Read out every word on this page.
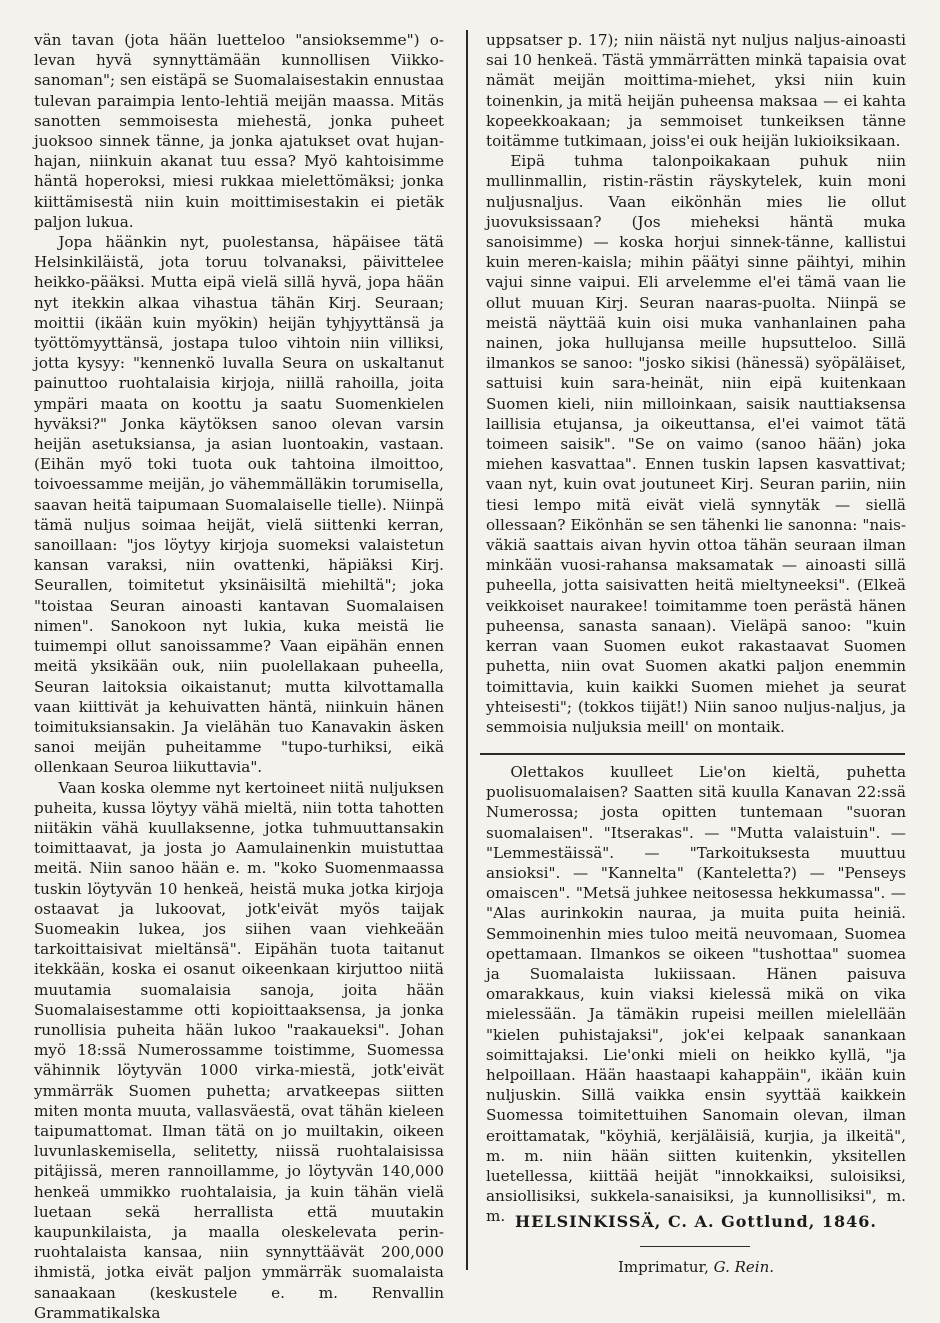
vän tavan (jota hään luetteloo "ansioksemme") o-levan hyvä synnyttämään kunnollisen Viikko-sanoman"; sen eistäpä se Suomalaisestakin ennustaa tulevan paraimpia lento-lehtiä meijän maassa. Mitäs sanotten semmoisesta miehestä, jonka puheet juoksoo sinnek tänne, ja jonka ajatukset ovat hujan-hajan, niinkuin akanat tuu essa? Myö kahtoisimme häntä hoperoksi, miesi rukkaa mielettömäksi; jonka kiittämisestä niin kuin moittimisestakin ei pietäk paljon lukua.

Jopa häänkin nyt, puolestansa, häpäisee tätä Helsinkiläistä, jota toruu tolvanaksi, päivittelee heikko-pääksi. Mutta eipä vielä sillä hyvä, jopa hään nyt itekkin alkaa vihastua tähän Kirj. Seuraan; moittii (ikään kuin myökin) heijän tyhjyyttänsä ja työttömyyttänsä, jostapa tuloo vihtoin niin villiksi, jotta kysyy: "kennenkö luvalla Seura on uskaltanut painuttoo ruohtalaisia kirjoja, niillä rahoilla, joita ympäri maata on koottu ja saatu Suomenkielen hyväksi?" Jonka käytöksen sanoo olevan varsin heijän asetuksiansa, ja asian luontoakin, vastaan. (Eihän myö toki tuota ouk tahtoina ilmoittoo, toivoessamme meijän, jo vähemmälläkin torumisella, saavan heitä taipumaan Suomalaiselle tielle). Niinpä tämä nuljus soimaa heijät, vielä siittenki kerran, sanoillaan: "jos löytyy kirjoja suomeksi valaistetun kansan varaksi, niin ovattenki, häpiäksi Kirj. Seurallen, toimitetut yksinäisiltä miehiltä"; joka "toistaa Seuran ainoasti kantavan Suomalaisen nimen". Sanokoon nyt lukia, kuka meistä lie tuimempi ollut sanoissamme? Vaan eipähän ennen meitä yksikään ouk, niin puolellakaan puheella, Seuran laitoksia oikaistanut; mutta kilvottamalla vaan kiittivät ja kehuivatten häntä, niinkuin hänen toimituksiansakin. Ja vielähän tuo Kanavakin äsken sanoi meijän puheitamme "tupo-turhiksi, eikä ollenkaan Seuroa liikuttavia".

Vaan koska olemme nyt kertoineet niitä nuljuksen puheita, kussa löytyy vähä mieltä, niin totta tahotten niitäkin vähä kuullaksenne, jotka tuhmuuttansakin toimittaavat, ja josta jo Aamulainenkin muistuttaa meitä. Niin sanoo hään e. m. "koko Suomenmaassa tuskin löytyvän 10 henkeä, heistä muka jotka kirjoja ostaavat ja lukoovat, jotk'eivät myös taijak Suomeakin lukea, jos siihen vaan viehkeään tarkoittaisivat mieltänsä". Eipähän tuota taitanut itekkään, koska ei osanut oikeenkaan kirjuttoo niitä muutamia suomalaisia sanoja, joita hään Suomalaisestamme otti kopioittaaksensa, ja jonka runollisia puheita hään lukoo "raakaueksi". Johan myö 18:ssä Numerossamme toistimme, Suomessa vähinnik löytyvän 1000 virka-miestä, jotk'eivät ymmärräk Suomen puhetta; arvatkeepas siitten miten monta muuta, vallasväestä, ovat tähän kieleen taipumattomat. Ilman tätä on jo muiltakin, oikeen luvunlaskemisella, selitetty, niissä ruohtalaisissa pitäjissä, meren rannoillamme, jo löytyvän 140,000 henkeä ummikko ruohtalaisia, ja kuin tähän vielä luetaan sekä herrallista että muutakin kaupunkilaista, ja maalla oleskelevata perin-ruohtalaista kansaa, niin synnyttäävät 200,000 ihmistä, jotka eivät paljon ymmärräk suomalaista sanaakaan (keskustele e. m. Renvallin Grammatikalska

uppsatser p. 17); niin näistä nyt nuljus naljus-ainoasti sai 10 henkeä. Tästä ymmärrätten minkä tapaisia ovat nämät meijän moittima-miehet, yksi niin kuin toinenkin, ja mitä heijän puheensa maksaa — ei kahta kopeekkoakaan; ja semmoiset tunkeiksen tänne toitämme tutkimaan, joiss'ei ouk heijän lukioiksikaan.

Eipä tuhma talonpoikakaan puhuk niin mullinmallin, ristin-rästin räyskytelek, kuin moni nuljusnaljus. Vaan eikönhän mies lie ollut juovuksissaan? (Jos mieheksi häntä muka sanoisimme) — koska horjui sinnek-tänne, kallistui kuin meren-kaisla; mihin päätyi sinne päihtyi, mihin vajui sinne vaipui. Eli arvelemme el'ei tämä vaan lie ollut muuan Kirj. Seuran naaras-puolta. Niinpä se meistä näyttää kuin oisi muka vanhanlainen paha nainen, joka hullujansa meille hupsutteloo. Sillä ilmankos se sanoo: "josko sikisi (hänessä) syöpäläiset, sattuisi kuin sara-heinät, niin eipä kuitenkaan Suomen kieli, niin milloinkaan, saisik nauttiaksensa laillisia etujansa, ja oikeuttansa, el'ei vaimot tätä toimeen saisik". "Se on vaimo (sanoo hään) joka miehen kasvattaa". Ennen tuskin lapsen kasvattivat; vaan nyt, kuin ovat joutuneet Kirj. Seuran pariin, niin tiesi lempo mitä eivät vielä synnytäk — siellä ollessaan? Eikönhän se sen tähenki lie sanonna: "nais-väkiä saattais aivan hyvin ottoa tähän seuraan ilman minkään vuosi-rahansa maksamatak — ainoasti sillä puheella, jotta saisivatten heitä mieltyneeksi". (Elkeä veikkoiset naurakee! toimitamme toen perästä hänen puheensa, sanasta sanaan). Vieläpä sanoo: "kuin kerran vaan Suomen eukot rakastaavat Suomen puhetta, niin ovat Suomen akatki paljon enemmin toimittavia, kuin kaikki Suomen miehet ja seurat yhteisesti"; (tokkos tiijät!) Niin sanoo nuljus-naljus, ja semmoisia nuljuksia meill' on montaik.

Olettakos kuulleet Lie'on kieltä, puhetta puolisuomalaisen? Saatten sitä kuulla Kanavan 22:ssä Numerossa; josta opitten tuntemaan "suoran suomalaisen". "Itserakas". — "Mutta valaistuin". — "Lemmestäissä". — "Tarkoituksesta muuttuu ansioksi". — "Kannelta" (Kanteletta?) — "Penseys omaiscen". "Metsä juhkee neitosessa hekkumassa". — "Alas aurinkokin nauraa, ja muita puita heiniä. Semmoinenhin mies tuloo meitä neuvomaan, Suomea opettamaan. Ilmankos se oikeen "tushottaa" suomea ja Suomalaista lukiissaan. Hänen paisuva omarakkaus, kuin viaksi kielessä mikä on vika mielessään. Ja tämäkin rupeisi meillen mielellään "kielen puhistajaksi", jok'ei kelpaak sanankaan soimittajaksi. Lie'onki mieli on heikko kyllä, "ja helpoillaan. Hään haastaapi kahappäin", ikään kuin nuljuskin. Sillä vaikka ensin syyttää kaikkein Suomessa toimitettuihen Sanomain olevan, ilman eroittamatak, "köyhiä, kerjäläisiä, kurjia, ja ilkeitä", m. m. niin hään siitten kuitenkin, yksitellen luetellessa, kiittää heijät "innokkaiksi, suloisiksi, ansiollisiksi, sukkela-sanaisiksi, ja kunnollisiksi", m. m. HELSINKISSÄ, C. A. Gottlund, 1846.
Imprimatur, G. Rein.
